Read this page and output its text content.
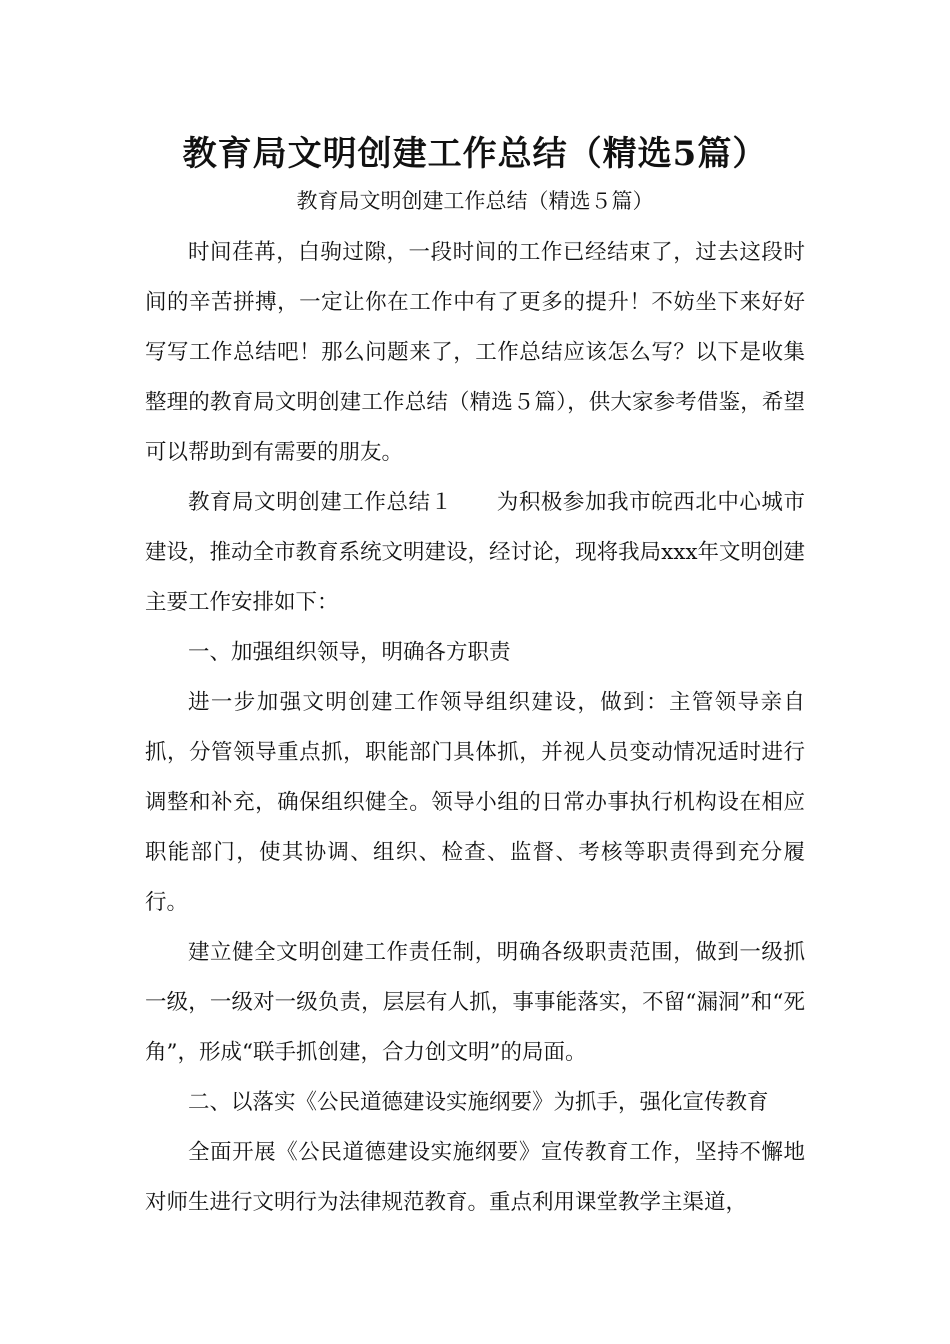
教育局文明创建工作总结（精选5篇）
教育局文明创建工作总结（精选５篇）

时间荏苒，白驹过隙，一段时间的工作已经结束了，过去这段时间的辛苦拼搏，一定让你在工作中有了更多的提升！不妨坐下来好好写写工作总结吧！那么问题来了，工作总结应该怎么写？以下是收集整理的教育局文明创建工作总结（精选５篇），供大家参考借鉴，希望可以帮助到有需要的朋友。

教育局文明创建工作总结１　　为积极参加我市皖西北中心城市建设，推动全市教育系统文明建设，经讨论，现将我局xxx年文明创建主要工作安排如下：

一、加强组织领导，明确各方职责

进一步加强文明创建工作领导组织建设，做到：主管领导亲自抓，分管领导重点抓，职能部门具体抓，并视人员变动情况适时进行调整和补充，确保组织健全。领导小组的日常办事执行机构设在相应职能部门，使其协调、组织、检查、监督、考核等职责得到充分履行。

建立健全文明创建工作责任制，明确各级职责范围，做到一级抓一级，一级对一级负责，层层有人抓，事事能落实，不留“漏洞”和“死角”，形成“联手抓创建，合力创文明”的局面。

二、以落实《公民道德建设实施纲要》为抓手，强化宣传教育

全面开展《公民道德建设实施纲要》宣传教育工作，坚持不懈地对师生进行文明行为法律规范教育。重点利用课堂教学主渠道，
